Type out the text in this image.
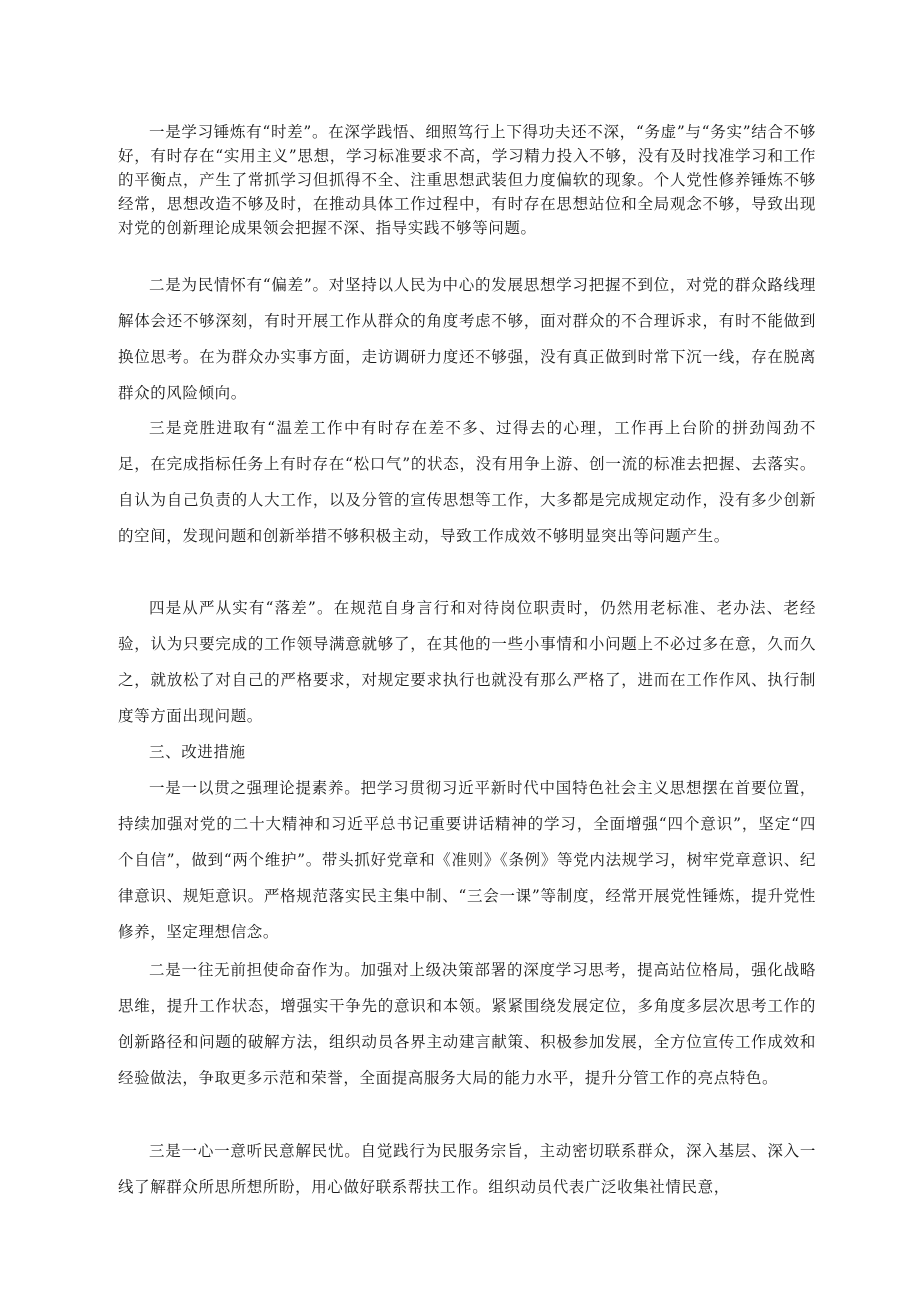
一是学习锤炼有“时差”。在深学践悟、细照笃行上下得功夫还不深，“务虚”与“务实”结合不够好，有时存在“实用主义”思想，学习标准要求不高，学习精力投入不够，没有及时找准学习和工作的平衡点，产生了常抓学习但抓得不全、注重思想武装但力度偏软的现象。个人党性修养锤炼不够经常，思想改造不够及时，在推动具体工作过程中，有时存在思想站位和全局观念不够，导致出现对党的创新理论成果领会把握不深、指导实践不够等问题。

二是为民情怀有“偏差”。对坚持以人民为中心的发展思想学习把握不到位，对党的群众路线理解体会还不够深刻，有时开展工作从群众的角度考虑不够，面对群众的不合理诉求，有时不能做到换位思考。在为群众办实事方面，走访调研力度还不够强，没有真正做到时常下沉一线，存在脱离群众的风险倾向。

三是竞胜进取有“温差工作中有时存在差不多、过得去的心理，工作再上台阶的拼劲闯劲不足，在完成指标任务上有时存在“松口气”的状态，没有用争上游、创一流的标准去把握、去落实。自认为自己负责的人大工作，以及分管的宣传思想等工作，大多都是完成规定动作，没有多少创新的空间，发现问题和创新举措不够积极主动，导致工作成效不够明显突出等问题产生。

四是从严从实有“落差”。在规范自身言行和对待岗位职责时，仍然用老标准、老办法、老经验，认为只要完成的工作领导满意就够了，在其他的一些小事情和小问题上不必过多在意，久而久之，就放松了对自己的严格要求，对规定要求执行也就没有那么严格了，进而在工作作风、执行制度等方面出现问题。

三、改进措施

一是一以贯之强理论提素养。把学习贯彻习近平新时代中国特色社会主义思想摆在首要位置，持续加强对党的二十大精神和习近平总书记重要讲话精神的学习，全面增强“四个意识”，坚定“四个自信”，做到“两个维护”。带头抓好党章和《准则》《条例》等党内法规学习，树牢党章意识、纪律意识、规矩意识。严格规范落实民主集中制、“三会一课”等制度，经常开展党性锤炼，提升党性修养，坚定理想信念。

二是一往无前担使命奋作为。加强对上级决策部署的深度学习思考，提高站位格局，强化战略思维，提升工作状态，增强实干争先的意识和本领。紧紧围绕发展定位，多角度多层次思考工作的创新路径和问题的破解方法，组织动员各界主动建言献策、积极参加发展，全方位宣传工作成效和经验做法，争取更多示范和荣誉，全面提高服务大局的能力水平，提升分管工作的亮点特色。

三是一心一意听民意解民忧。自觉践行为民服务宗旨，主动密切联系群众，深入基层、深入一线了解群众所思所想所盼，用心做好联系帮扶工作。组织动员代表广泛收集社情民意，
